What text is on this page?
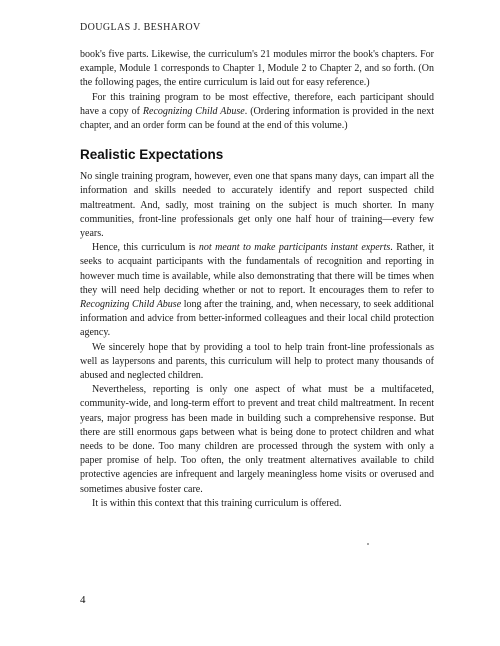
DOUGLAS J. BESHAROV

book's five parts. Likewise, the curriculum's 21 modules mirror the book's chapters. For example, Module 1 corresponds to Chapter 1, Module 2 to Chapter 2, and so forth. (On the following pages, the entire curriculum is laid out for easy reference.)

For this training program to be most effective, therefore, each participant should have a copy of Recognizing Child Abuse. (Ordering information is provided in the next chapter, and an order form can be found at the end of this volume.)

Realistic Expectations

No single training program, however, even one that spans many days, can impart all the information and skills needed to accurately identify and report suspected child maltreatment. And, sadly, most training on the subject is much shorter. In many communities, front-line professionals get only one half hour of training—every few years.

Hence, this curriculum is not meant to make participants instant experts. Rather, it seeks to acquaint participants with the fundamentals of recognition and reporting in however much time is available, while also demonstrating that there will be times when they will need help deciding whether or not to report. It encourages them to refer to Recognizing Child Abuse long after the training, and, when necessary, to seek additional information and advice from better-informed colleagues and their local child protection agency.

We sincerely hope that by providing a tool to help train front-line professionals as well as laypersons and parents, this curriculum will help to protect many thousands of abused and neglected children.

Nevertheless, reporting is only one aspect of what must be a multifaceted, community-wide, and long-term effort to prevent and treat child maltreatment. In recent years, major progress has been made in building such a comprehensive response. But there are still enormous gaps between what is being done to protect children and what needs to be done. Too many children are processed through the system with only a paper promise of help. Too often, the only treatment alternatives available to child protective agencies are infrequent and largely meaningless home visits or overused and sometimes abusive foster care.

It is within this context that this training curriculum is offered.

4
